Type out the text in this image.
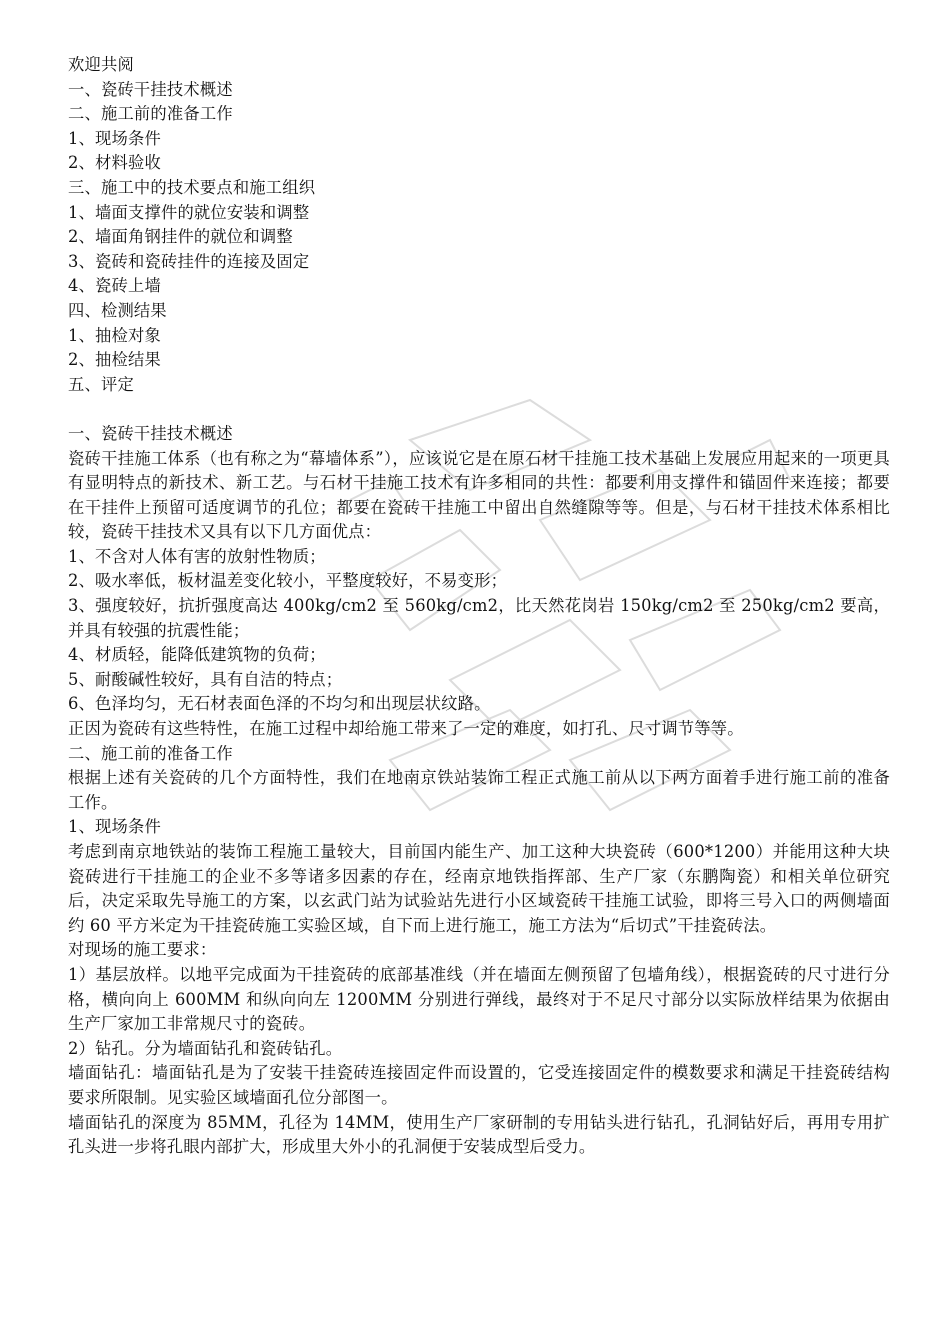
欢迎共阅
一、瓷砖干挂技术概述
二、施工前的准备工作
1、现场条件
2、材料验收
三、施工中的技术要点和施工组织
1、墙面支撑件的就位安装和调整
2、墙面角钢挂件的就位和调整
3、瓷砖和瓷砖挂件的连接及固定
4、瓷砖上墙
四、检测结果
1、抽检对象
2、抽检结果
五、评定
一、瓷砖干挂技术概述
瓷砖干挂施工体系（也有称之为“幕墙体系”），应该说它是在原石材干挂施工技术基础上发展应用起来的一项更具有显明特点的新技术、新工艺。与石材干挂施工技术有许多相同的共性：都要利用支撑件和锚固件来连接；都要在干挂件上预留可适度调节的孔位；都要在瓷砖干挂施工中留出自然缝隙等等。但是，与石材干挂技术体系相比较，瓷砖干挂技术又具有以下几方面优点：
1、不含对人体有害的放射性物质；
2、吸水率低，板材温差变化较小，平整度较好，不易变形；
3、强度较好，抗折强度高达 400kg/cm2 至 560kg/cm2，比天然花岗岩 150kg/cm2 至 250kg/cm2 要高，并具有较强的抗震性能；
4、材质轻，能降低建筑物的负荷；
5、耐酸碱性较好，具有自洁的特点；
6、色泽均匀，无石材表面色泽的不均匀和出现层状纹路。
正因为瓷砖有这些特性，在施工过程中却给施工带来了一定的难度，如打孔、尺寸调节等等。
二、施工前的准备工作
根据上述有关瓷砖的几个方面特性，我们在地南京铁站装饰工程正式施工前从以下两方面着手进行施工前的准备工作。
1、现场条件
考虑到南京地铁站的装饰工程施工量较大，目前国内能生产、加工这种大块瓷砖（600*1200）并能用这种大块瓷砖进行干挂施工的企业不多等诸多因素的存在，经南京地铁指挥部、生产厂家（东鹏陶瓷）和相关单位研究后，决定采取先导施工的方案，以玄武门站为试验站先进行小区域瓷砖干挂施工试验，即将三号入口的两侧墙面约 60 平方米定为干挂瓷砖施工实验区域，自下而上进行施工，施工方法为“后切式”干挂瓷砖法。
对现场的施工要求：
1）基层放样。以地平完成面为干挂瓷砖的底部基准线（并在墙面左侧预留了包墙角线），根据瓷砖的尺寸进行分格，横向向上 600MM 和纵向向左 1200MM 分别进行弹线，最终对于不足尺寸部分以实际放样结果为依据由生产厂家加工非常规尺寸的瓷砖。
2）钻孔。分为墙面钻孔和瓷砖钻孔。
墙面钻孔：墙面钻孔是为了安装干挂瓷砖连接固定件而设置的，它受连接固定件的模数要求和满足干挂瓷砖结构要求所限制。见实验区域墙面孔位分部图一。
墙面钻孔的深度为 85MM，孔径为 14MM，使用生产厂家研制的专用钻头进行钻孔，孔洞钻好后，再用专用扩孔头进一步将孔眼内部扩大，形成里大外小的孔洞便于安装成型后受力。
